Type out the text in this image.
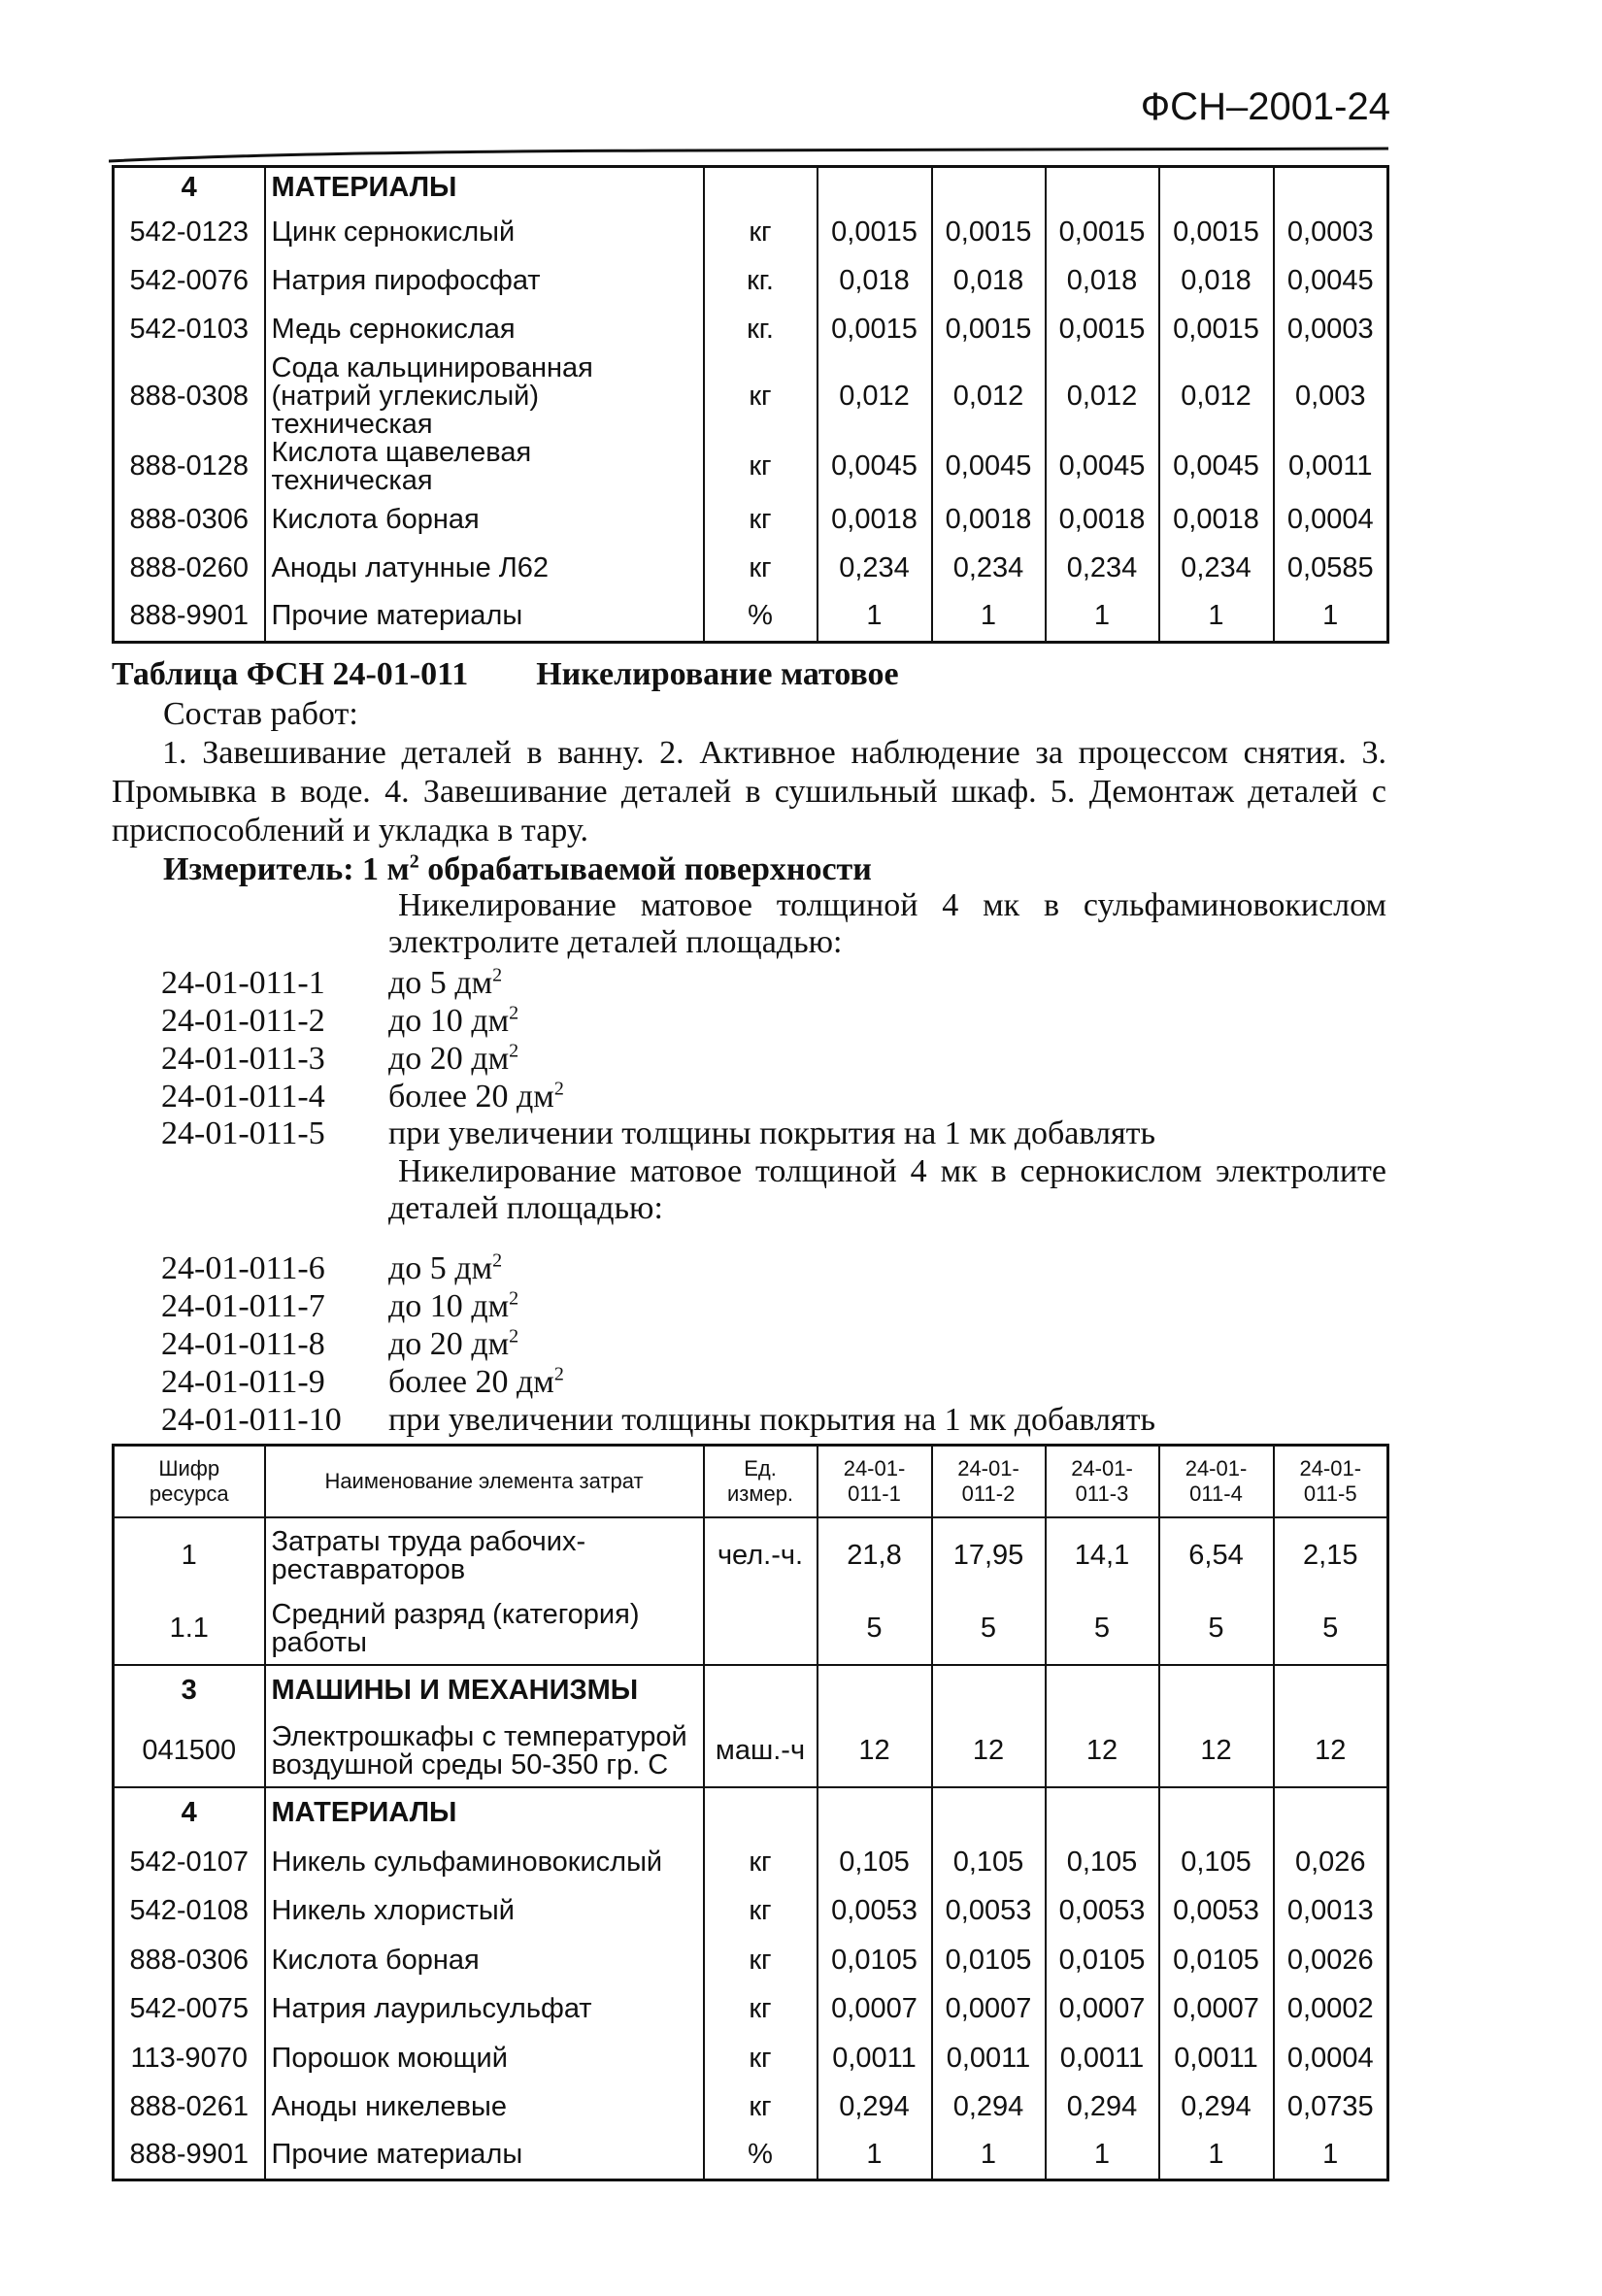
ФСН–2001-24
4	МАТЕРИАЛЫ						
542-0123	Цинк сернокислый	кг	0,0015	0,0015	0,0015	0,0015	0,0003
542-0076	Натрия пирофосфат	кг.	0,018	0,018	0,018	0,018	0,0045
542-0103	Медь сернокислая	кг.	0,0015	0,0015	0,0015	0,0015	0,0003
888-0308	Сода кальцинированная (натрий углекислый) техническая	кг	0,012	0,012	0,012	0,012	0,003
888-0128	Кислота щавелевая техническая	кг	0,0045	0,0045	0,0045	0,0045	0,0011
888-0306	Кислота борная	кг	0,0018	0,0018	0,0018	0,0018	0,0004
888-0260	Аноды латунные Л62	кг	0,234	0,234	0,234	0,234	0,0585
888-9901	Прочие материалы	%	1	1	1	1	1
Таблица ФСН 24-01-011 Никелирование матовое
Состав работ:
1. Завешивание деталей в ванну. 2. Активное наблюдение за процессом снятия. 3. Промывка в воде. 4. Завешивание деталей в сушильный шкаф. 5. Демонтаж деталей с приспособлений и укладка в тару.
Измеритель: 1 $м^2$ обрабатываемой поверхности
Никелирование матовое толщиной 4 мк в сульфаминовокислом электролите деталей площадью:
Никелирование матовое толщиной 4 мк в сернокислом электролите деталей площадью:
24-01-011-1 до 5 $дм^2$
24-01-011-2 до 10 $дм^2$
24-01-011-3 до 20 $дм^2$
24-01-011-4 более 20 $дм^2$
24-01-011-5 при увеличении толщины покрытия на 1 мк добавлять
24-01-011-6 до 5 $дм^2$
24-01-011-7 до 10 $дм^2$
24-01-011-8 до 20 $дм^2$
24-01-011-9 более 20 $дм^2$
24-01-011-10 при увеличении толщины покрытия на 1 мк добавлять
Шифр ресурса	Наименование элемента затрат	Ед. измер.	24-01-011-1	24-01-011-2	24-01-011-3	24-01-011-4	24-01-011-5
1	Затраты труда рабочих-реставраторов	чел.-ч.	21,8	17,95	14,1	6,54	2,15
1.1	Средний разряд (категория) работы		5	5	5	5	5
3	МАШИНЫ И МЕХАНИЗМЫ						
041500	Электрошкафы с температурой воздушной среды 50-350 гр. С	маш.-ч	12	12	12	12	12
4	МАТЕРИАЛЫ						
542-0107	Никель сульфаминовокислый	кг	0,105	0,105	0,105	0,105	0,026
542-0108	Никель хлористый	кг	0,0053	0,0053	0,0053	0,0053	0,0013
888-0306	Кислота борная	кг	0,0105	0,0105	0,0105	0,0105	0,0026
542-0075	Натрия лаурильсульфат	кг	0,0007	0,0007	0,0007	0,0007	0,0002
113-9070	Порошок моющий	кг	0,0011	0,0011	0,0011	0,0011	0,0004
888-0261	Аноды никелевые	кг	0,294	0,294	0,294	0,294	0,0735
888-9901	Прочие материалы	%	1	1	1	1	1
